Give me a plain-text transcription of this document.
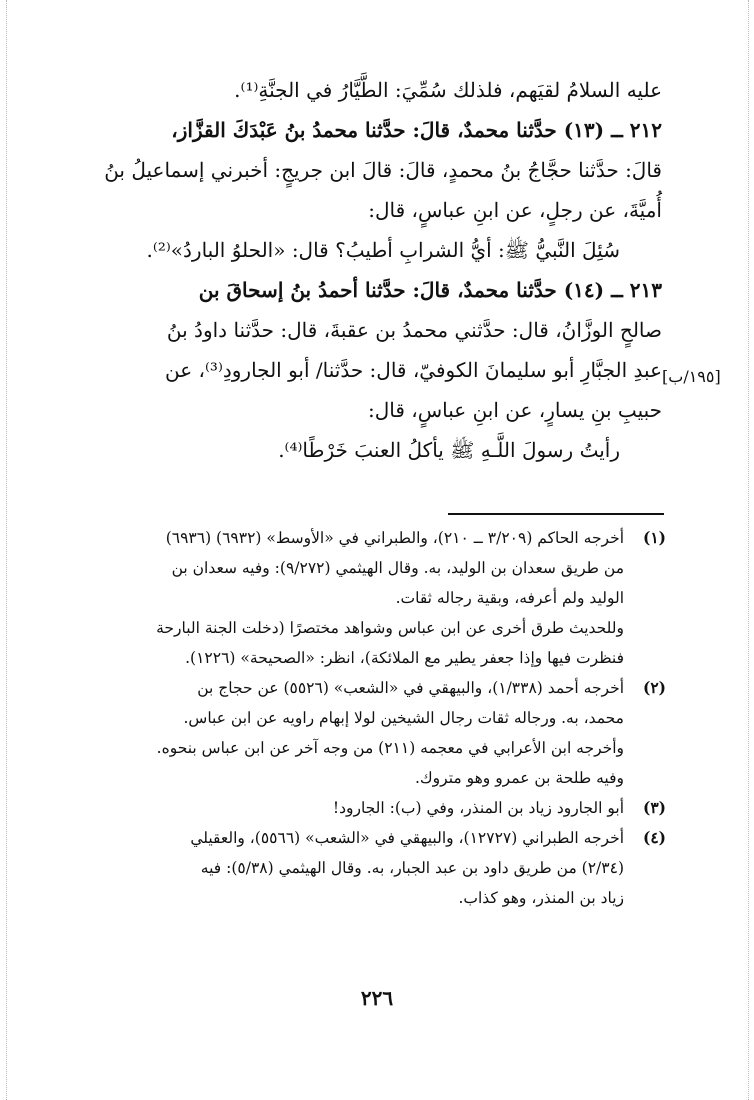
عليه السلامُ لقيَهم، فلذلك سُمِّيَ: الطَّيَّارُ في الجنَّةِ⁽¹⁾.
٢١٢ ــ (١٣) حدَّثنا محمدٌ، قالَ: حدَّثنا محمدُ بنُ عَبْدَكَ القزَّاز،
قالَ: حدَّثنا حجَّاجُ بنُ محمدٍ، قالَ: قالَ ابن جريجٍ: أخبرني إسماعيلُ بنُ
أُميَّةَ، عن رجلٍ، عن ابنِ عباسٍ، قال:
سُئِلَ النَّبيُّ ﷺ: أيُّ الشرابِ أطيبُ؟ قال: «الحلوُ الباردُ»⁽²⁾.
٢١٣ ــ (١٤) حدَّثنا محمدٌ، قالَ: حدَّثنا أحمدُ بنُ إسحاقَ بن
صالحٍ الوزَّانُ، قال: حدَّثني محمدُ بن عقبةَ، قال: حدَّثنا داودُ بنُ
عبدِ الجبَّارِ أبو سليمانَ الكوفيّ، قال: حدَّثنا/ أبو الجارودِ⁽³⁾، عن
حبيبِ بنِ يسارٍ، عن ابنِ عباسٍ، قال:
رأيتُ رسولَ اللَّـهِ ﷺ يأكلُ العنبَ خَرْطًا⁽⁴⁾.
[١٩٥/ب]
(١)
أخرجه الحاكم (٣/٢٠٩ ــ ٢١٠)، والطبراني في «الأوسط» (٦٩٣٢) (٦٩٣٦)
من طريق سعدان بن الوليد، به. وقال الهيثمي (٩/٢٧٢): وفيه سعدان بن
الوليد ولم أعرفه، وبقية رجاله ثقات.
وللحديث طرق أخرى عن ابن عباس وشواهد مختصرًا (دخلت الجنة البارحة
فنظرت فيها وإذا جعفر يطير مع الملائكة)، انظر: «الصحيحة» (١٢٢٦).
(٢)
أخرجه أحمد (١/٣٣٨)، والبيهقي في «الشعب» (٥٥٢٦) عن حجاج بن
محمد، به. ورجاله ثقات رجال الشيخين لولا إبهام راويه عن ابن عباس.
وأخرجه ابن الأعرابي في معجمه (٢١١) من وجه آخر عن ابن عباس بنحوه.
وفيه طلحة بن عمرو وهو متروك.
(٣)
أبو الجارود زياد بن المنذر، وفي (ب): الجارود!
(٤)
أخرجه الطبراني (١٢٧٢٧)، والبيهقي في «الشعب» (٥٥٦٦)، والعقيلي
(٢/٣٤) من طريق داود بن عبد الجبار، به. وقال الهيثمي (٥/٣٨): فيه
زياد بن المنذر، وهو كذاب.
٢٢٦
